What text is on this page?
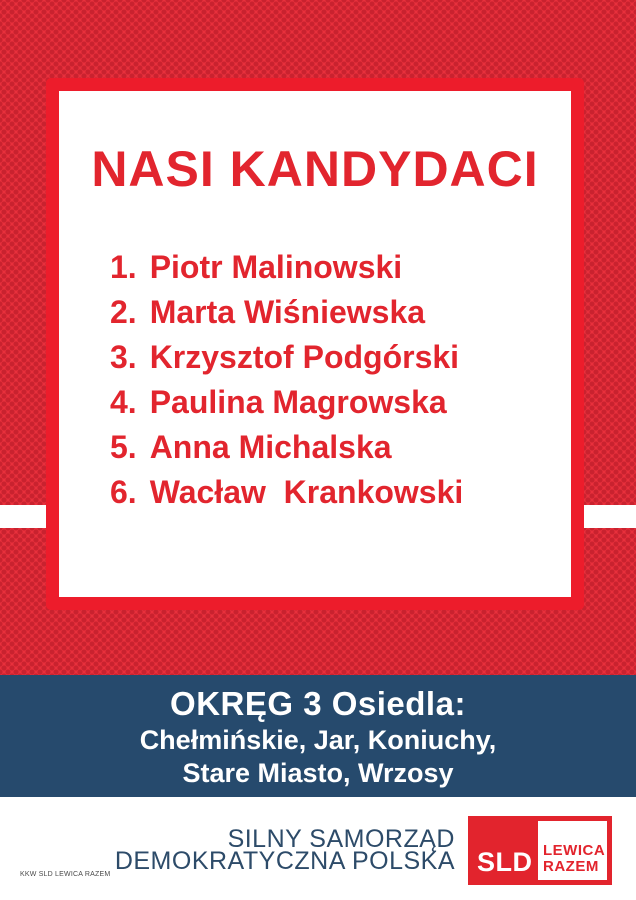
NASI KANDYDACI
1. Piotr Malinowski
2. Marta Wiśniewska
3. Krzysztof Podgórski
4. Paulina Magrowska
5. Anna Michalska
6. Wacław  Krankowski
OKRĘG 3 Osiedla:
Chełmińskie, Jar, Koniuchy,
Stare Miasto, Wrzosy
SILNY SAMORZĄD
DEMOKRATYCZNA POLSKA SLD LEWICA
RAZEM
KKW SLD LEWICA RAZEM
